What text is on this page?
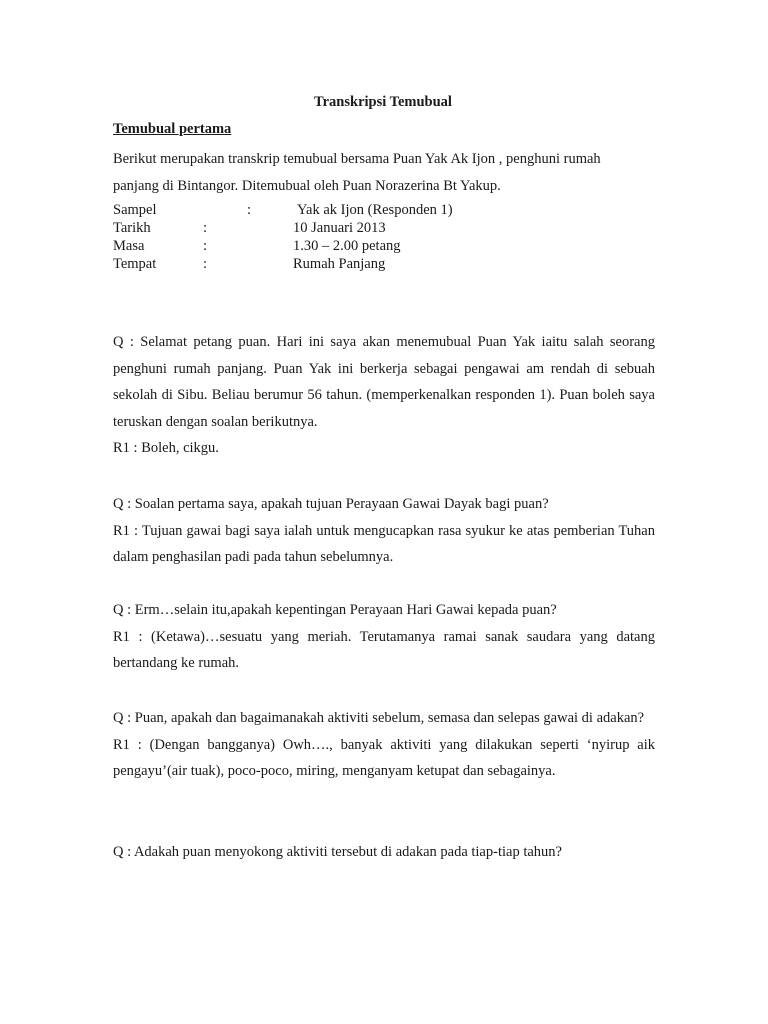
Transkripsi Temubual
Temubual pertama

Berikut merupakan transkrip temubual bersama Puan Yak Ak Ijon , penghuni rumah

panjang di Bintangor. Ditemubual oleh Puan Norazerina Bt Yakup.

Sampel	:	Yak ak Ijon (Responden 1)
Tarikh	:	10 Januari 2013
Masa	:	1.30 – 2.00 petang
Tempat	:	Rumah Panjang

Q : Selamat petang puan. Hari ini saya akan menemubual Puan Yak iaitu salah seorang penghuni rumah panjang. Puan Yak ini berkerja sebagai pengawai am rendah di sebuah sekolah di Sibu. Beliau berumur 56 tahun. (memperkenalkan responden 1). Puan boleh saya teruskan dengan soalan berikutnya.

R1 : Boleh, cikgu.

Q : Soalan pertama saya, apakah tujuan Perayaan Gawai Dayak bagi puan?

R1 : Tujuan gawai bagi saya ialah untuk mengucapkan rasa syukur ke atas pemberian Tuhan dalam penghasilan padi pada tahun sebelumnya.

Q : Erm…selain itu,apakah kepentingan Perayaan Hari Gawai kepada puan?

R1 : (Ketawa)…sesuatu yang meriah. Terutamanya ramai sanak saudara yang datang bertandang ke rumah.

Q : Puan, apakah dan bagaimanakah aktiviti sebelum, semasa dan selepas gawai di adakan?

R1 : (Dengan bangganya) Owh…., banyak aktiviti yang dilakukan seperti ‘nyirup aik pengayu’(air tuak), poco-poco, miring, menganyam ketupat dan sebagainya.

Q : Adakah puan menyokong aktiviti tersebut di adakan pada tiap-tiap tahun?
